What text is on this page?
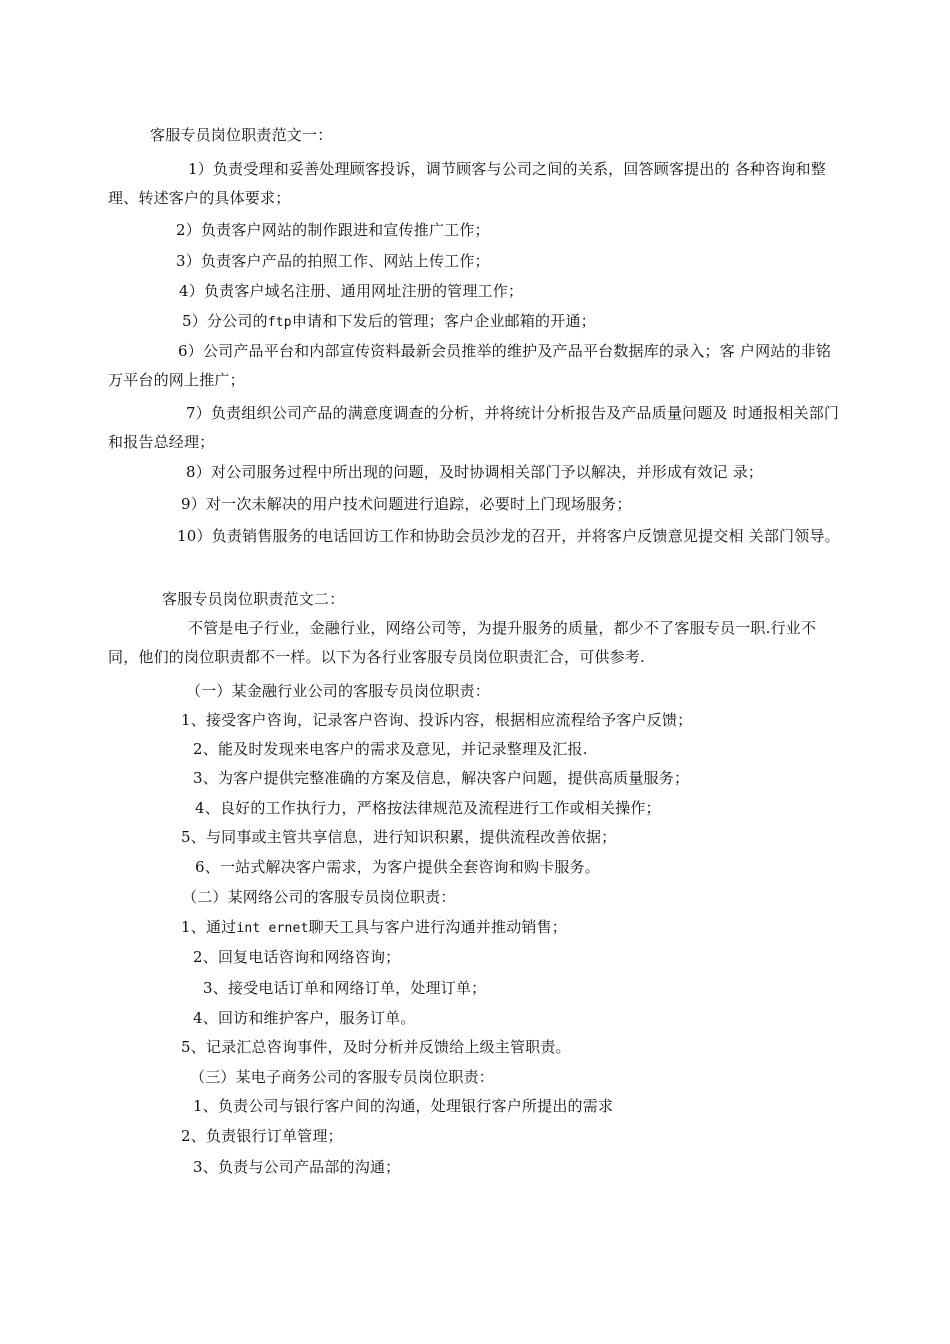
客服专员岗位职责范文一：
1）负责受理和妥善处理顾客投诉，调节顾客与公司之间的关系，回答顾客提出的 各种咨询和整理、转述客户的具体要求；
2）负责客户网站的制作跟进和宣传推广工作；
3）负责客户产品的拍照工作、网站上传工作；
4）负责客户域名注册、通用网址注册的管理工作；
5）分公司的ftp申请和下发后的管理；客户企业邮箱的开通；
6）公司产品平台和内部宣传资料最新会员推举的维护及产品平台数据库的录入；客 户网站的非铭万平台的网上推广；
7）负责组织公司产品的满意度调查的分析，并将统计分析报告及产品质量问题及 时通报相关部门和报告总经理；
8）对公司服务过程中所出现的问题，及时协调相关部门予以解决，并形成有效记 录；
9）对一次未解决的用户技术问题进行追踪，必要时上门现场服务；
10）负责销售服务的电话回访工作和协助会员沙龙的召开，并将客户反馈意见提交相 关部门领导。
客服专员岗位职责范文二：
不管是电子行业，金融行业，网络公司等，为提升服务的质量，都少不了客服专员一职.行业不同，他们的岗位职责都不一样。以下为各行业客服专员岗位职责汇合，可供参考.
（一）某金融行业公司的客服专员岗位职责：
1、接受客户咨询，记录客户咨询、投诉内容，根据相应流程给予客户反馈；
2、能及时发现来电客户的需求及意见，并记录整理及汇报.
3、为客户提供完整准确的方案及信息，解决客户问题，提供高质量服务；
4、良好的工作执行力，严格按法律规范及流程进行工作或相关操作；
5、与同事或主管共享信息，进行知识积累，提供流程改善依据；
6、一站式解决客户需求，为客户提供全套咨询和购卡服务。
（二）某网络公司的客服专员岗位职责：
1、通过int ernet聊天工具与客户进行沟通并推动销售；
2、回复电话咨询和网络咨询；
3、接受电话订单和网络订单，处理订单；
4、回访和维护客户，服务订单。
5、记录汇总咨询事件，及时分析并反馈给上级主管职责。
（三）某电子商务公司的客服专员岗位职责：
1、负责公司与银行客户间的沟通，处理银行客户所提出的需求
2、负责银行订单管理；
3、负责与公司产品部的沟通；
